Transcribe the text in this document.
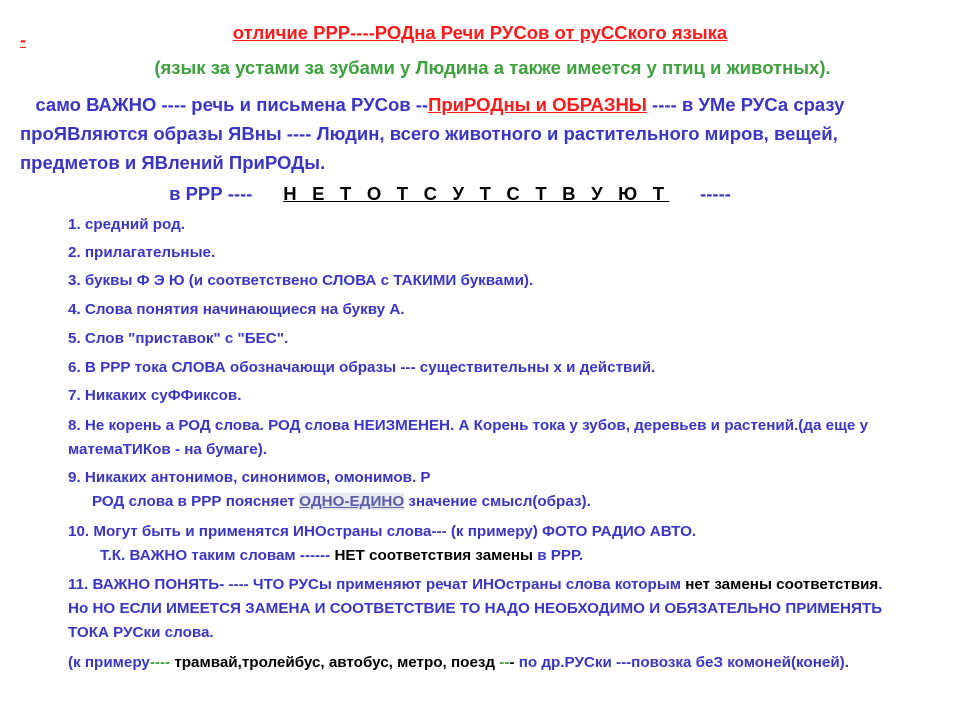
-	отличие РРР----РОДна Речи РУСов от руССкого языка
(язык за устами за зубами у Людина а также имеется у птиц и животных).
само ВАЖНО ---- речь и письмена РУСов --ПриРОДны и ОБРАЗНЫ ---- в УМе РУСа сразу проЯВляются образы ЯВны ---- Людин, всего животного и растительного миров, вещей, предметов и ЯВлений ПриРОДы.
в РРР ---- Н Е Т О Т С У Т С Т В У Ю Т -----
1. средний род.
2. прилагательные.
3. буквы Ф Э Ю (и соответствено СЛОВА с ТАКИМИ буквами).
4. Слова понятия начинающиеся на букву А.
5. Слов "приставок" с "БЕС".
6. В РРР тока СЛОВА обозначающи образы --- существительны х и действий.
7. Никаких суФФиксов.
8. Не корень а РОД слова. РОД слова НЕИЗМЕНЕН. А Корень тока у зубов, деревьев и растений.(да еще у матемаТИКов - на бумаге).
9. Никаких антонимов, синонимов, омонимов. Р
РОД слова в РРР поясняет ОДНО-ЕДИНО значение смысл(образ).
10. Могут быть и применятся ИНОстраны слова--- (к примеру) ФОТО РАДИО АВТО.
Т.К. ВАЖНО таким словам ------ НЕТ соответствия замены в РРР.
11. ВАЖНО ПОНЯТЬ- ---- ЧТО РУСы применяют речат ИНОстраны слова которым нет замены соответствия. Но НО ЕСЛИ ИМЕЕТСЯ ЗАМЕНА И СООТВЕТСТВИЕ ТО НАДО НЕОБХОДИМО И ОБЯЗАТЕЛЬНО ПРИМЕНЯТЬ ТОКА РУСки слова.
(к примеру---- трамвай,тролейбус, автобус, метро, поезд --- по др.РУСки ---повозка беЗ комоней(коней).
